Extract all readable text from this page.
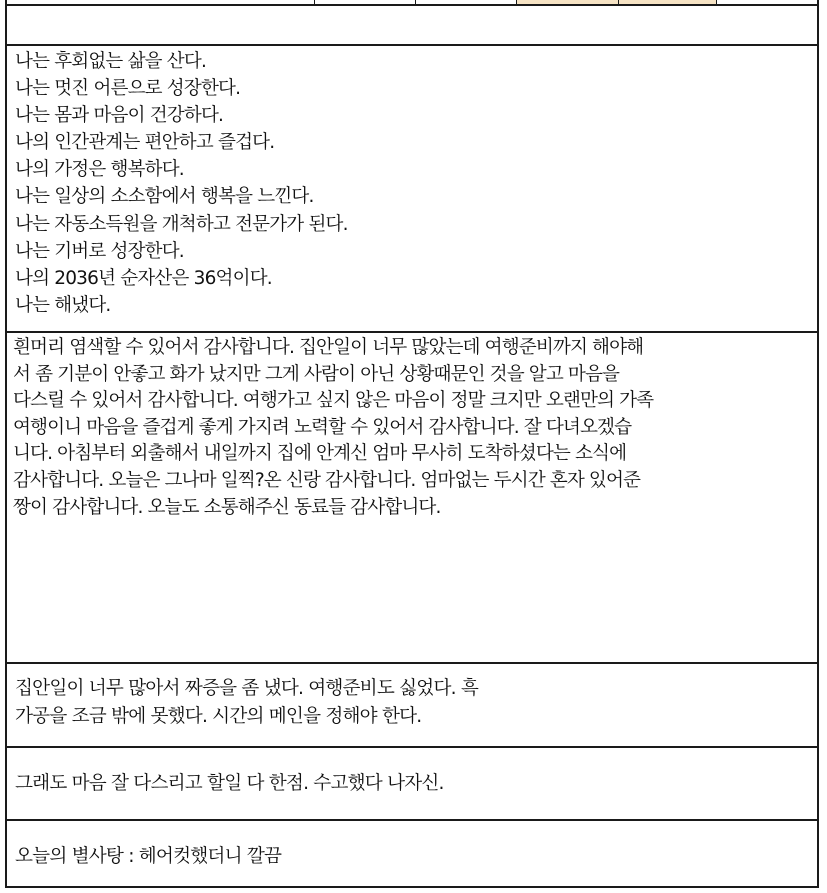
나는 후회없는 삶을 산다.
나는 멋진 어른으로 성장한다.
나는 몸과 마음이 건강하다.
나의 인간관계는 편안하고 즐겁다.
나의 가정은 행복하다.
나는 일상의 소소함에서 행복을 느낀다.
나는 자동소득원을 개척하고 전문가가 된다.
나는 기버로 성장한다.
나의 2036년 순자산은 36억이다.
나는 해냈다.
흰머리 염색할 수 있어서 감사합니다. 집안일이 너무 많았는데 여행준비까지 해야해
서 좀 기분이 안좋고 화가 났지만 그게 사람이 아닌 상황때문인 것을 알고 마음을
다스릴 수 있어서 감사합니다. 여행가고 싶지 않은 마음이 정말 크지만 오랜만의 가족
여행이니 마음을 즐겁게 좋게 가지려 노력할 수 있어서 감사합니다. 잘 다녀오겠습
니다. 아침부터 외출해서 내일까지 집에 안계신 엄마 무사히 도착하셨다는 소식에
감사합니다. 오늘은 그나마 일찍?온 신랑 감사합니다. 엄마없는 두시간 혼자 있어준
짱이 감사합니다. 오늘도 소통해주신 동료들 감사합니다.
집안일이 너무 많아서 짜증을 좀 냈다. 여행준비도 싫었다. 흑
가공을 조금 밖에 못했다. 시간의 메인을 정해야 한다.
그래도 마음 잘 다스리고 할일 다 한점. 수고했다 나자신.
오늘의 별사탕 : 헤어컷했더니 깔끔
